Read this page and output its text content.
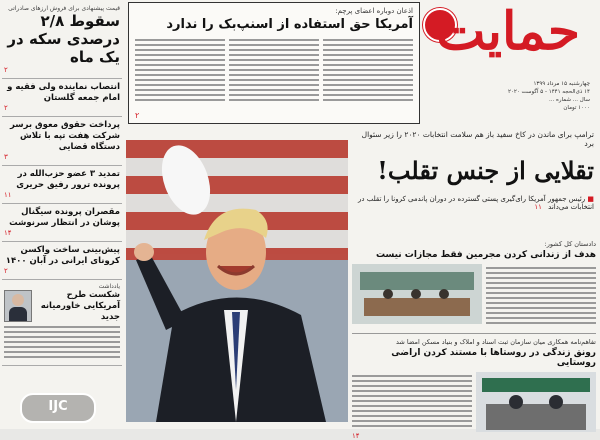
قیمت پیشنهادی برای فروش ارزهای صادراتی
سقوط ۲/۸ درصدی سکه در یک ماه
۲
انتصاب نماینده ولی فقیه و امام جمعه گلستان
۲
پرداخت حقوق معوق برسر شرکت هفت تپه با تلاش دستگاه قضایی
۳
تمدید ۳ عضو حزب‌الله در پرونده ترور رفیق حریری
۱۱
مقصران پرونده سیگنال پوشان در انتظار سرنوشت
۱۴
پیش‌بینی ساخت واکسن کرونای ایرانی در آبان ۱۴۰۰
۲
یادداشت
شکست طرح آمریکایی خاورمیانه جدید
IJC
اذعان دوباره اعضای پرچم:
آمریکا حق استفاده از اسنپ‌بک را ندارد
۲
حمایت
چهارشنبه ۱۵ مرداد ۱۳۹۹
۱۴ ذی‌الحجه ۱۴۴۱ - ۵ آگوست ۲۰۲۰
سال ... شماره ...
۱۰۰۰ تومان
ترامپ برای ماندن در کاخ سفید باز هم سلامت انتخابات ۲۰۲۰ را زیر سئوال برد
تقلایی از جنس تقلب!
■ رئیس جمهور آمریکا رای‌گیری پستی گسترده در دوران پاندمی کرونا را تقلب در انتخابات می‌داند ۱۱
دادستان کل کشور:
هدف از زندانی کردن مجرمین فقط مجازات نیست
تفاهم‌نامه همکاری میان سازمان ثبت اسناد و املاک و بنیاد مسکن امضا شد
رونق زندگی در روستاها با مستند کردن اراضی روستایی
۱۴
